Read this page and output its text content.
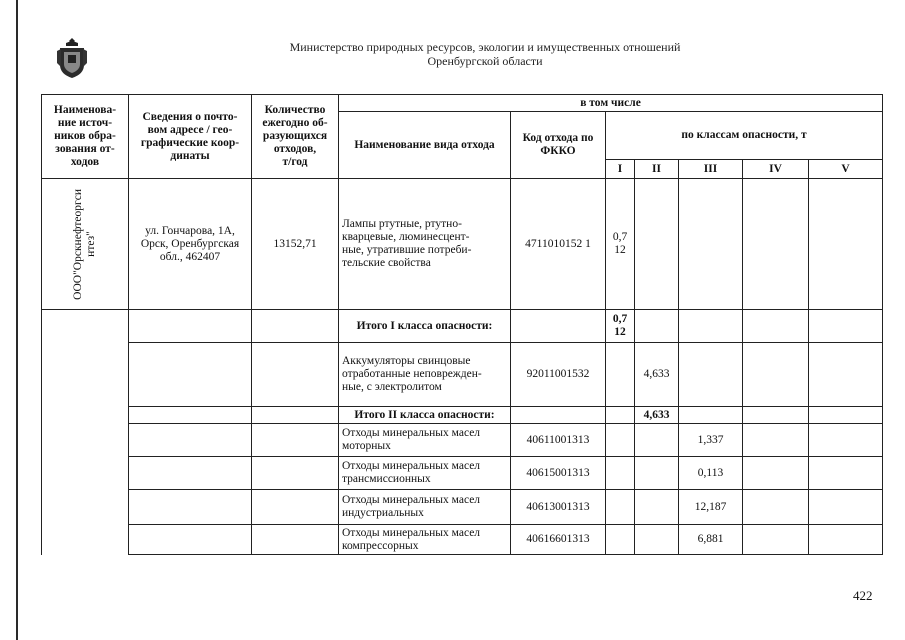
Министерство природных ресурсов, экологии и имущественных отношений
Оренбургской области
Наименова-
ние источ-
ников обра-
зования от-
ходов	Сведения о почто-
вом адресе / гео-
графические коор-
динаты	Количество
ежегодно об-
разующихся
отходов,
т/год	в том числе						
			Наименование вида отхода	Код отхода по
ФККО	по классам опасности, т				
					I	II	III	IV	V

ООО"Орскнефтеоргси
нтез"	ул. Гончарова, 1А,
Орск, Оренбургская
обл., 462407	13152,71	Лампы ртутные, ртутно-
кварцевые, люминесцент-
ные, утратившие потреби-
тельские свойства	4711010152 1	0,7
12				
			Итого I класса опасности:		0,7
12				
			Аккумуляторы свинцовые
отработанные неповрежден-
ные, с электролитом	92011001532		4,633			
			Итого II класса опасности:			4,633			
			Отходы минеральных масел
моторных	40611001313			1,337		
			Отходы минеральных масел
трансмиссионных	40615001313			0,113		
			Отходы минеральных масел
индустриальных	40613001313			12,187		
			Отходы минеральных масел
компрессорных	40616601313			6,881		
422
